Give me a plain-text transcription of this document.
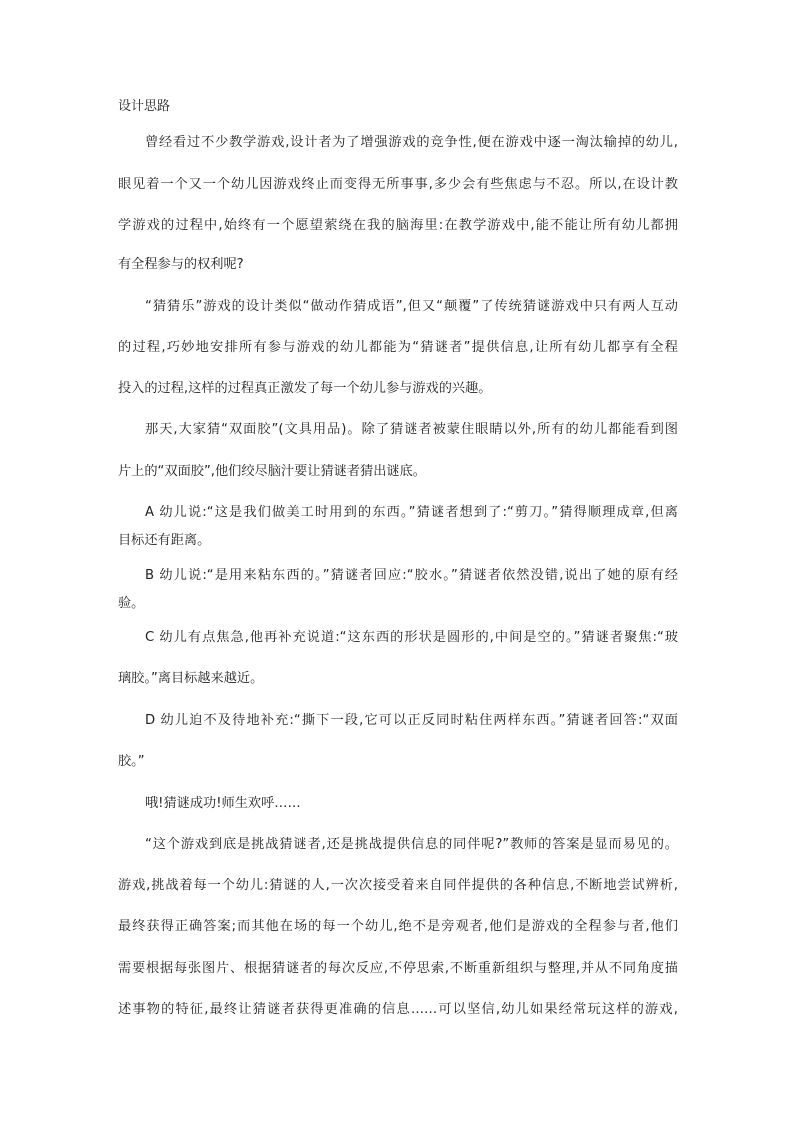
设计思路
曾经看过不少教学游戏,设计者为了增强游戏的竞争性,便在游戏中逐一淘汰输掉的幼儿,
眼见着一个又一个幼儿因游戏终止而变得无所事事,多少会有些焦虑与不忍。所以,在设计教
学游戏的过程中,始终有一个愿望萦绕在我的脑海里:在教学游戏中,能不能让所有幼儿都拥
有全程参与的权利呢?
“猜猜乐”游戏的设计类似“做动作猜成语”,但又“颠覆”了传统猜谜游戏中只有两人互动
的过程,巧妙地安排所有参与游戏的幼儿都能为“猜谜者”提供信息,让所有幼儿都享有全程
投入的过程,这样的过程真正激发了每一个幼儿参与游戏的兴趣。
那天,大家猜“双面胶”(文具用品)。除了猜谜者被蒙住眼睛以外,所有的幼儿都能看到图
片上的“双面胶”,他们绞尽脑汁要让猜谜者猜出谜底。
A 幼儿说:“这是我们做美工时用到的东西。”猜谜者想到了:“剪刀。”猜得顺理成章,但离
目标还有距离。
B 幼儿说:“是用来粘东西的。”猜谜者回应:“胶水。”猜谜者依然没错,说出了她的原有经
验。
C 幼儿有点焦急,他再补充说道:“这东西的形状是圆形的,中间是空的。”猜谜者聚焦:“玻
璃胶。”离目标越来越近。
D 幼儿迫不及待地补充:“撕下一段,它可以正反同时粘住两样东西。”猜谜者回答:“双面
胶。”
哦!猜谜成功!师生欢呼……
“这个游戏到底是挑战猜谜者,还是挑战提供信息的同伴呢?”教师的答案是显而易见的。
游戏,挑战着每一个幼儿:猜谜的人,一次次接受着来自同伴提供的各种信息,不断地尝试辨析,
最终获得正确答案;而其他在场的每一个幼儿,绝不是旁观者,他们是游戏的全程参与者,他们
需要根据每张图片、根据猜谜者的每次反应,不停思索,不断重新组织与整理,并从不同角度描
述事物的特征,最终让猜谜者获得更准确的信息……可以坚信,幼儿如果经常玩这样的游戏,
